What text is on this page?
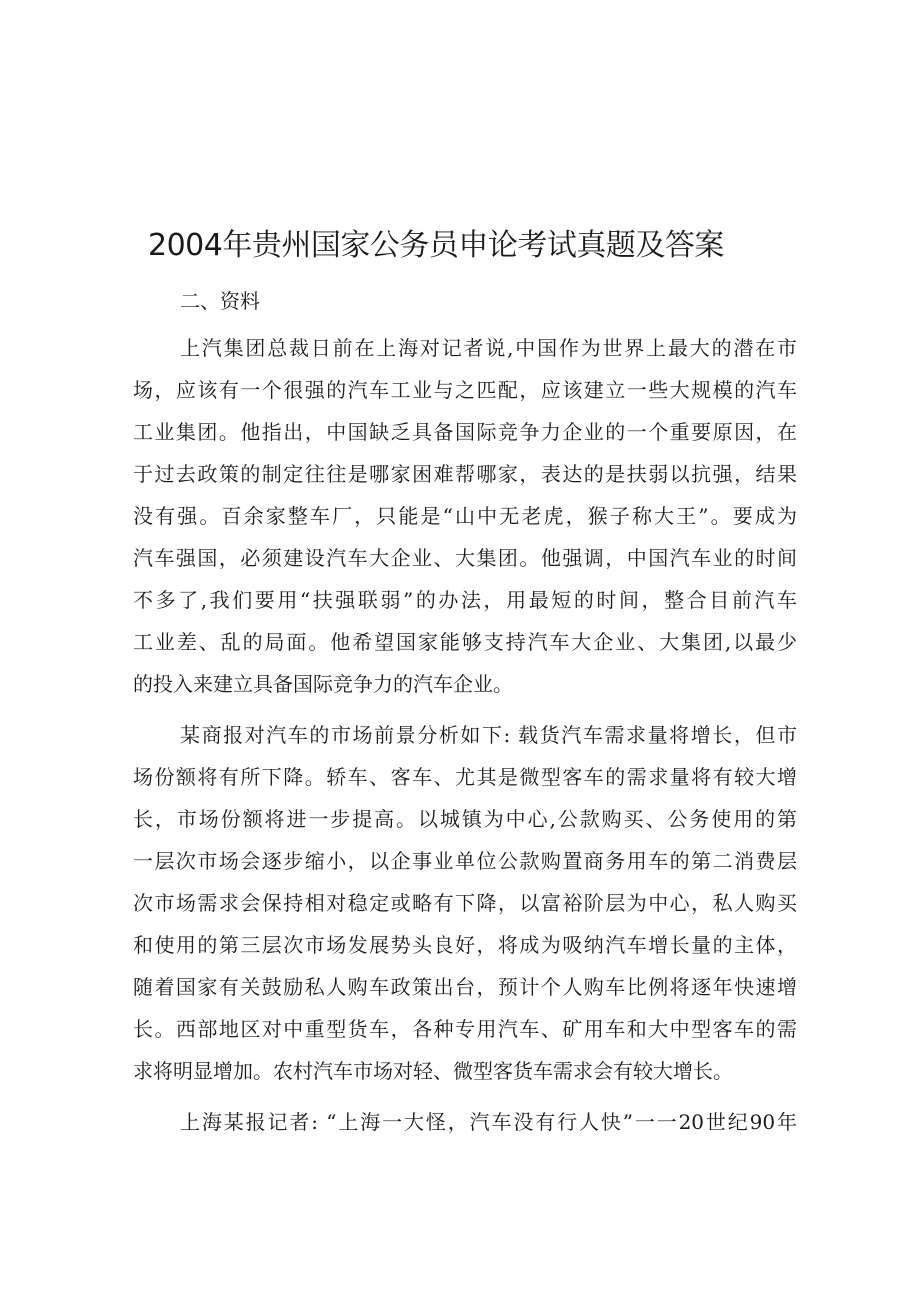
2004年贵州国家公务员申论考试真题及答案
二、资料
上汽集团总裁日前在上海对记者说,中国作为世界上最大的潜在市
场，应该有一个很强的汽车工业与之匹配，应该建立一些大规模的汽车
工业集团。他指出，中国缺乏具备国际竞争力企业的一个重要原因，在
于过去政策的制定往往是哪家困难帮哪家，表达的是扶弱以抗强，结果
没有强。百余家整车厂，只能是“山中无老虎，猴子称大王”。要成为
汽车强国，必须建设汽车大企业、大集团。他强调，中国汽车业的时间
不多了,我们要用“扶强联弱”的办法，用最短的时间，整合目前汽车
工业差、乱的局面。他希望国家能够支持汽车大企业、大集团,以最少
的投入来建立具备国际竞争力的汽车企业。
某商报对汽车的市场前景分析如下: 载货汽车需求量将增长，但市
场份额将有所下降。轿车、客车、尤其是微型客车的需求量将有较大增
长，市场份额将进一步提高。以城镇为中心,公款购买、公务使用的第
一层次市场会逐步缩小，以企事业单位公款购置商务用车的第二消费层
次市场需求会保持相对稳定或略有下降，以富裕阶层为中心，私人购买
和使用的第三层次市场发展势头良好，将成为吸纳汽车增长量的主体，
随着国家有关鼓励私人购车政策出台，预计个人购车比例将逐年快速增
长。西部地区对中重型货车，各种专用汽车、矿用车和大中型客车的需
求将明显增加。农村汽车市场对轻、微型客货车需求会有较大增长。
上海某报记者: “上海一大怪，汽车没有行人快”一一20世纪90年
